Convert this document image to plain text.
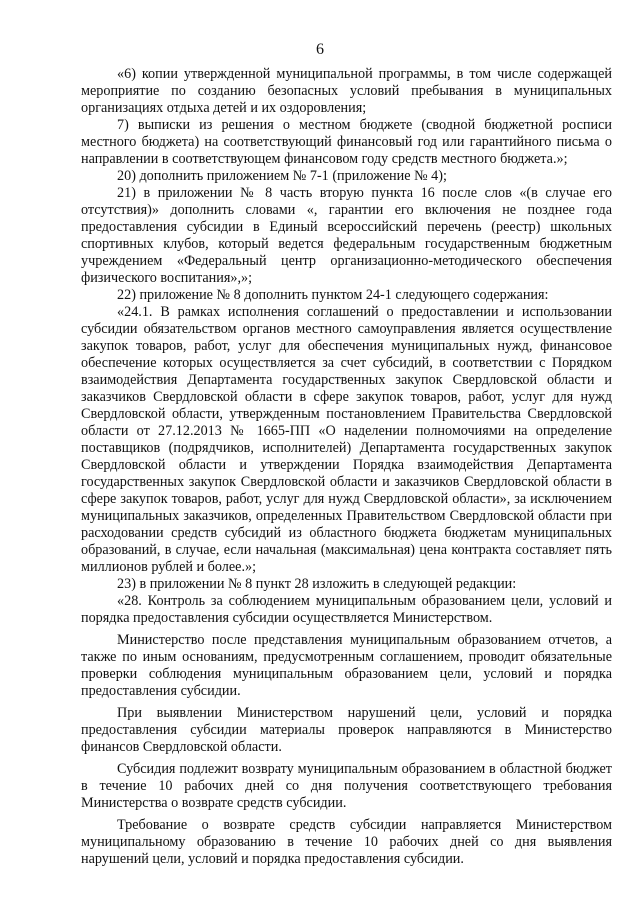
6

«6) копии утвержденной муниципальной программы, в том числе содержащей мероприятие по созданию безопасных условий пребывания в муниципальных организациях отдыха детей и их оздоровления;

7) выписки из решения о местном бюджете (сводной бюджетной росписи местного бюджета) на соответствующий финансовый год или гарантийного письма о направлении в соответствующем финансовом году средств местного бюджета.»;

20) дополнить приложением № 7-1 (приложение № 4);

21) в приложении № 8 часть вторую пункта 16 после слов «(в случае его отсутствия)» дополнить словами «, гарантии его включения не позднее года предоставления субсидии в Единый всероссийский перечень (реестр) школьных спортивных клубов, который ведется федеральным государственным бюджетным учреждением «Федеральный центр организационно-методического обеспечения физического воспитания»,»;

22) приложение № 8 дополнить пунктом 24-1 следующего содержания:

«24.1. В рамках исполнения соглашений о предоставлении и использовании субсидии обязательством органов местного самоуправления является осуществление закупок товаров, работ, услуг для обеспечения муниципальных нужд, финансовое обеспечение которых осуществляется за счет субсидий, в соответствии с Порядком взаимодействия Департамента государственных закупок Свердловской области и заказчиков Свердловской области в сфере закупок товаров, работ, услуг для нужд Свердловской области, утвержденным постановлением Правительства Свердловской области от 27.12.2013 № 1665-ПП «О наделении полномочиями на определение поставщиков (подрядчиков, исполнителей) Департамента государственных закупок Свердловской области и утверждении Порядка взаимодействия Департамента государственных закупок Свердловской области и заказчиков Свердловской области в сфере закупок товаров, работ, услуг для нужд Свердловской области», за исключением муниципальных заказчиков, определенных Правительством Свердловской области при расходовании средств субсидий из областного бюджета бюджетам муниципальных образований, в случае, если начальная (максимальная) цена контракта составляет пять миллионов рублей и более.»;

23) в приложении № 8 пункт 28 изложить в следующей редакции:

«28. Контроль за соблюдением муниципальным образованием цели, условий и порядка предоставления субсидии осуществляется Министерством.

Министерство после представления муниципальным образованием отчетов, а также по иным основаниям, предусмотренным соглашением, проводит обязательные проверки соблюдения муниципальным образованием цели, условий и порядка предоставления субсидии.

При выявлении Министерством нарушений цели, условий и порядка предоставления субсидии материалы проверок направляются в Министерство финансов Свердловской области.

Субсидия подлежит возврату муниципальным образованием в областной бюджет в течение 10 рабочих дней со дня получения соответствующего требования Министерства о возврате средств субсидии.

Требование о возврате средств субсидии направляется Министерством муниципальному образованию в течение 10 рабочих дней со дня выявления нарушений цели, условий и порядка предоставления субсидии.
